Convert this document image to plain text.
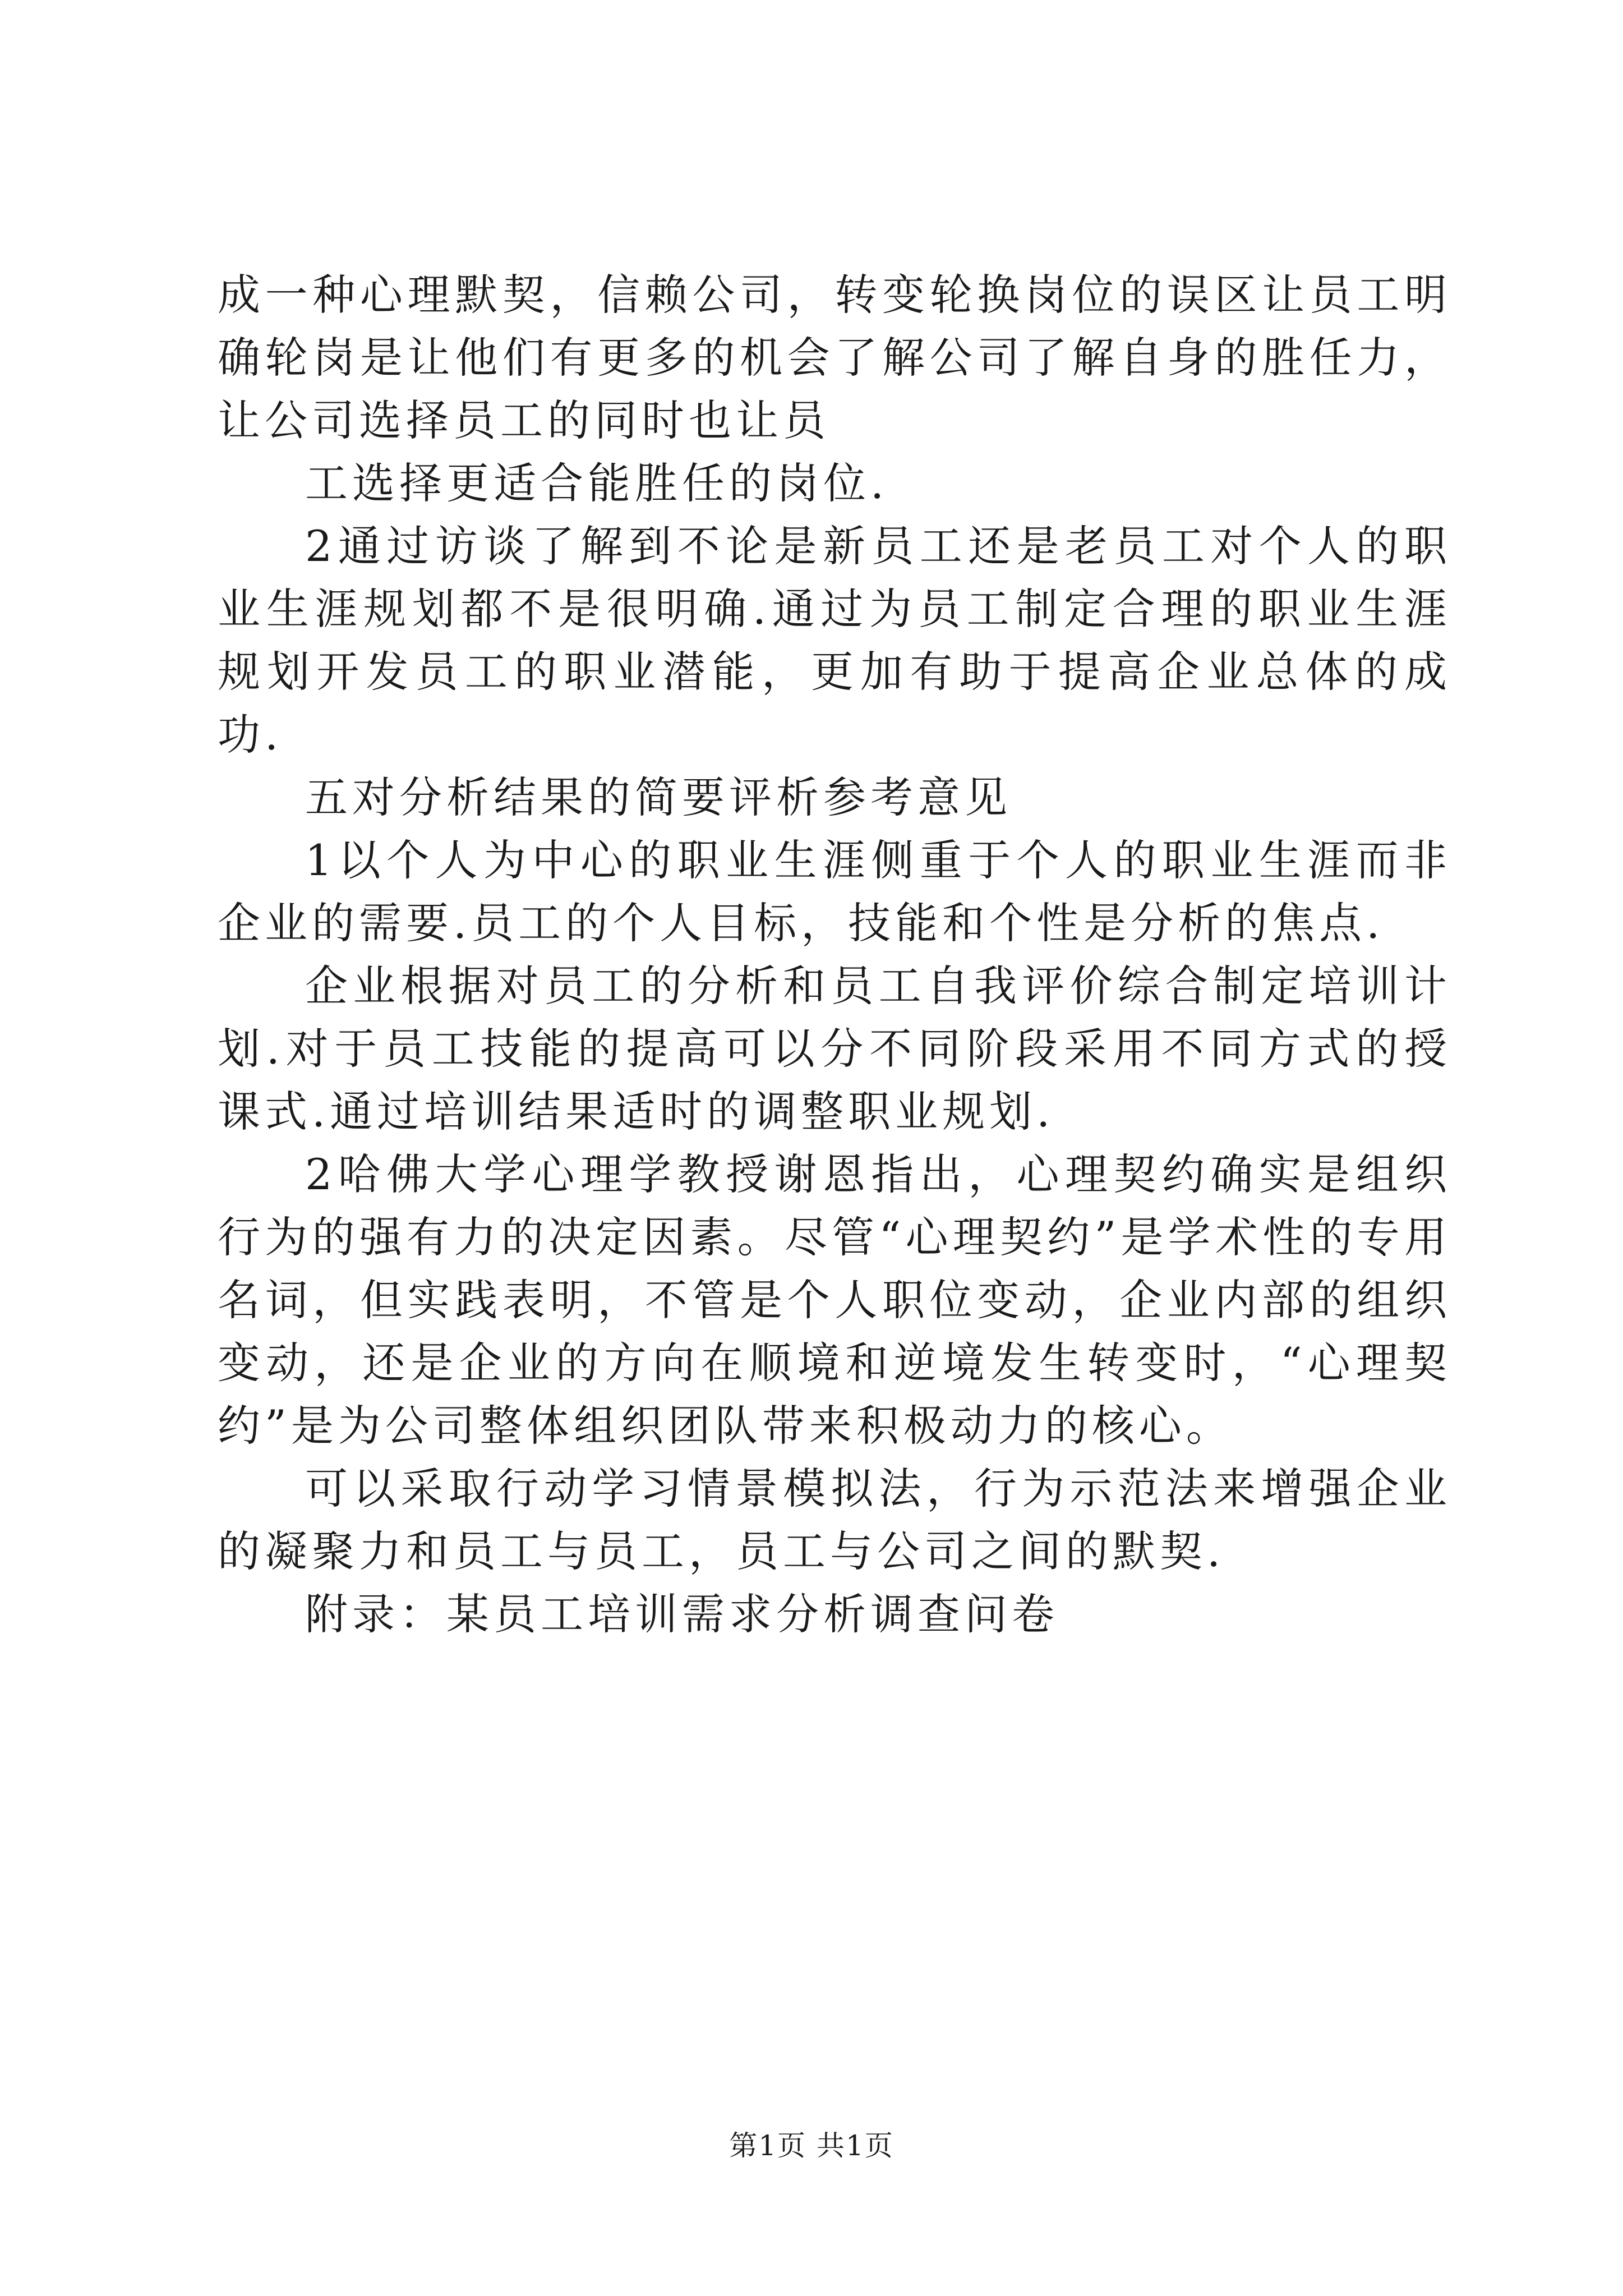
成一种心理默契，信赖公司，转变轮换岗位的误区让员工明确轮岗是让他们有更多的机会了解公司了解自身的胜任力，让公司选择员工的同时也让员

工选择更适合能胜任的岗位.

2通过访谈了解到不论是新员工还是老员工对个人的职业生涯规划都不是很明确.通过为员工制定合理的职业生涯规划开发员工的职业潜能，更加有助于提高企业总体的成功.

五对分析结果的简要评析参考意见

1以个人为中心的职业生涯侧重于个人的职业生涯而非企业的需要.员工的个人目标，技能和个性是分析的焦点.

企业根据对员工的分析和员工自我评价综合制定培训计划.对于员工技能的提高可以分不同阶段采用不同方式的授课式.通过培训结果适时的调整职业规划.

2哈佛大学心理学教授谢恩指出，心理契约确实是组织行为的强有力的决定因素。尽管“心理契约”是学术性的专用名词，但实践表明，不管是个人职位变动，企业内部的组织变动，还是企业的方向在顺境和逆境发生转变时，“心理契约”是为公司整体组织团队带来积极动力的核心。

可以采取行动学习情景模拟法，行为示范法来增强企业的凝聚力和员工与员工，员工与公司之间的默契.

附录：某员工培训需求分析调查问卷

第1页 共1页
